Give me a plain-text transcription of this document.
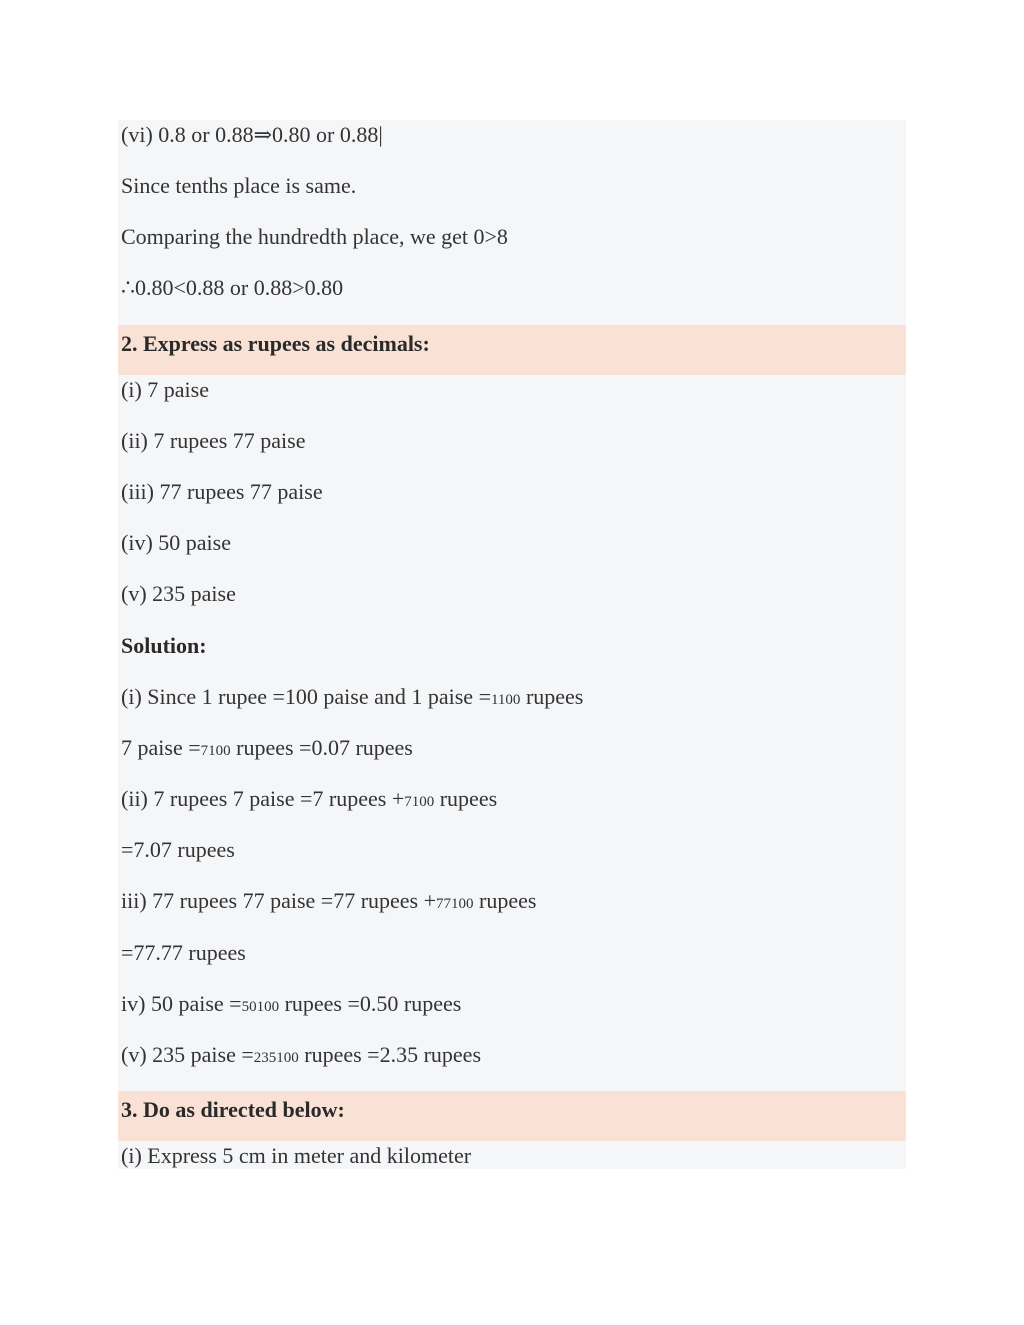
(vi) 0.8 or 0.88⇒0.80 or 0.88|
Since tenths place is same.
Comparing the hundredth place, we get 0>8
∴0.80<0.88 or 0.88>0.80
2. Express as rupees as decimals:
(i) 7 paise
(ii) 7 rupees 77 paise
(iii) 77 rupees 77 paise
(iv) 50 paise
(v) 235 paise
Solution:
(i) Since 1 rupee =100 paise and 1 paise =1100 rupees
7 paise =7100 rupees =0.07 rupees
(ii) 7 rupees 7 paise =7 rupees +7100 rupees
=7.07 rupees
iii) 77 rupees 77 paise =77 rupees +77100 rupees
=77.77 rupees
iv) 50 paise =50100 rupees =0.50 rupees
(v) 235 paise =235100 rupees =2.35 rupees
3. Do as directed below:
(i) Express 5 cm in meter and kilometer
